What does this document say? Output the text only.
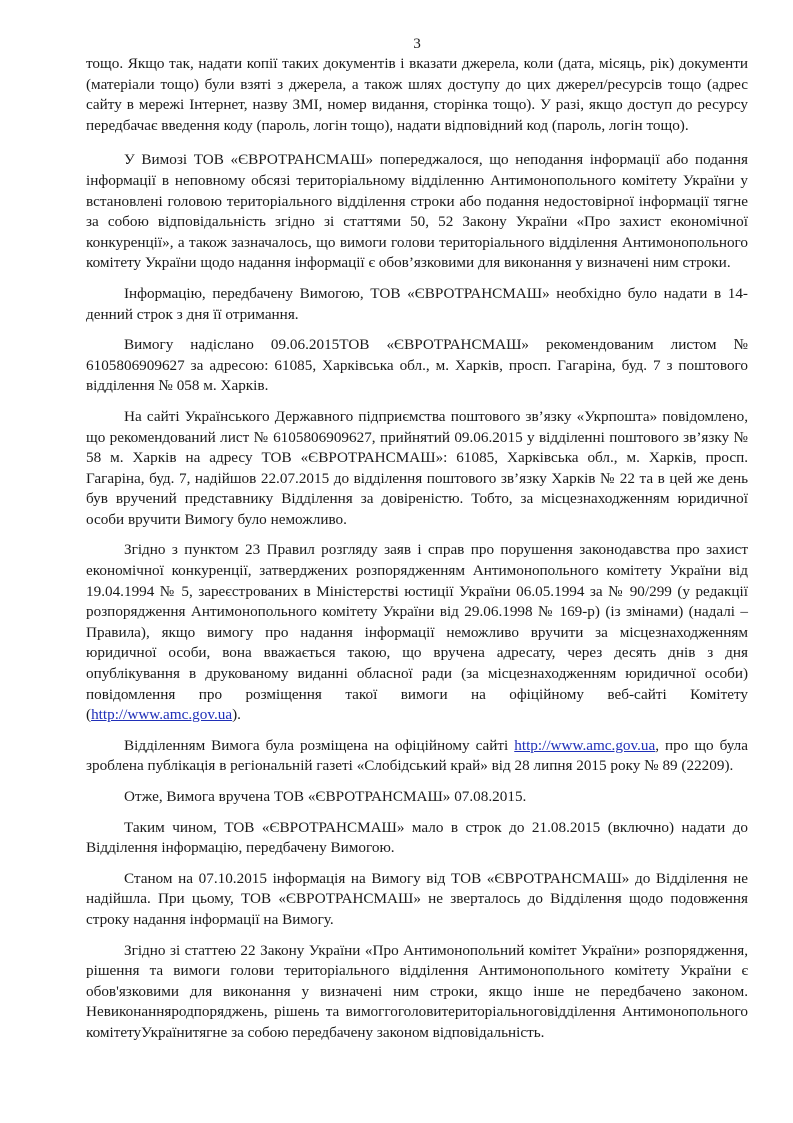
3

тощо. Якщо так, надати копії таких документів і вказати джерела, коли (дата, місяць, рік) документи (матеріали тощо) були взяті з джерела, а також шлях доступу до цих джерел/ресурсів тощо (адрес сайту в мережі Інтернет, назву ЗМІ, номер видання, сторінка тощо). У разі, якщо доступ до ресурсу передбачає введення коду (пароль, логін тощо), надати відповідний код (пароль, логін тощо).

У Вимозі ТОВ «ЄВРОТРАНСМАШ» попереджалося, що неподання інформації або подання інформації в неповному обсязі територіальному відділенню Антимонопольного комітету України у встановлені головою територіального відділення строки або подання недостовірної інформації тягне за собою відповідальність згідно зі статтями 50, 52 Закону України «Про захист економічної конкуренції», а також зазначалось, що вимоги голови територіального відділення Антимонопольного комітету України щодо надання інформації є обов’язковими для виконання у визначені ним строки.

Інформацію, передбачену Вимогою, ТОВ «ЄВРОТРАНСМАШ» необхідно було надати в 14-денний строк з дня її отримання.

Вимогу надіслано 09.06.2015ТОВ «ЄВРОТРАНСМАШ» рекомендованим листом № 6105806909627 за адресою: 61085, Харківська обл., м. Харків, просп. Гагаріна, буд. 7 з поштового відділення № 058 м. Харків.

На сайті Українського Державного підприємства поштового зв’язку «Укрпошта» повідомлено, що рекомендований лист № 6105806909627, прийнятий 09.06.2015 у відділенні поштового зв’язку № 58 м. Харків на адресу ТОВ «ЄВРОТРАНСМАШ»: 61085, Харківська обл., м. Харків, просп. Гагаріна, буд. 7, надійшов 22.07.2015 до відділення поштового зв’язку Харків № 22 та в цей же день був вручений представнику Відділення за довіреністю. Тобто, за місцезнаходженням юридичної особи вручити Вимогу було неможливо.

Згідно з пунктом 23 Правил розгляду заяв і справ про порушення законодавства про захист економічної конкуренції, затверджених розпорядженням Антимонопольного комітету України від 19.04.1994 № 5, зареєстрованих в Міністерстві юстиції України 06.05.1994 за № 90/299 (у редакції розпорядження Антимонопольного комітету України від 29.06.1998 № 169-р) (із змінами) (надалі – Правила), якщо вимогу про надання інформації неможливо вручити за місцезнаходженням юридичної особи, вона вважається такою, що вручена адресату, через десять днів з дня опублікування в друкованому виданні обласної ради (за місцезнаходженням юридичної особи) повідомлення про розміщення такої вимоги на офіційному веб-сайті Комітету (http://www.amc.gov.ua).

Відділенням Вимога була розміщена на офіційному сайті http://www.amc.gov.ua, про що була зроблена публікація в регіональній газеті «Слобідський край» від 28 липня 2015 року № 89 (22209).

Отже, Вимога вручена ТОВ «ЄВРОТРАНСМАШ» 07.08.2015.

Таким чином, ТОВ «ЄВРОТРАНСМАШ» мало в строк до 21.08.2015 (включно) надати до Відділення інформацію, передбачену Вимогою.

Станом на 07.10.2015 інформація на Вимогу від ТОВ «ЄВРОТРАНСМАШ» до Відділення не надійшла. При цьому, ТОВ «ЄВРОТРАНСМАШ» не зверталось до Відділення щодо подовження строку надання інформації на Вимогу.

Згідно зі статтею 22 Закону України «Про Антимонопольний комітет України» розпорядження, рішення та вимоги голови територіального відділення Антимонопольного комітету України є обов'язковими для виконання у визначені ним строки, якщо інше не передбачено законом. Невиконанняродпоряджень, рішень та вимоггоголовитериторіальноговідділення Антимонопольного комітетуУкраїнитягне за собою передбачену законом відповідальність.
